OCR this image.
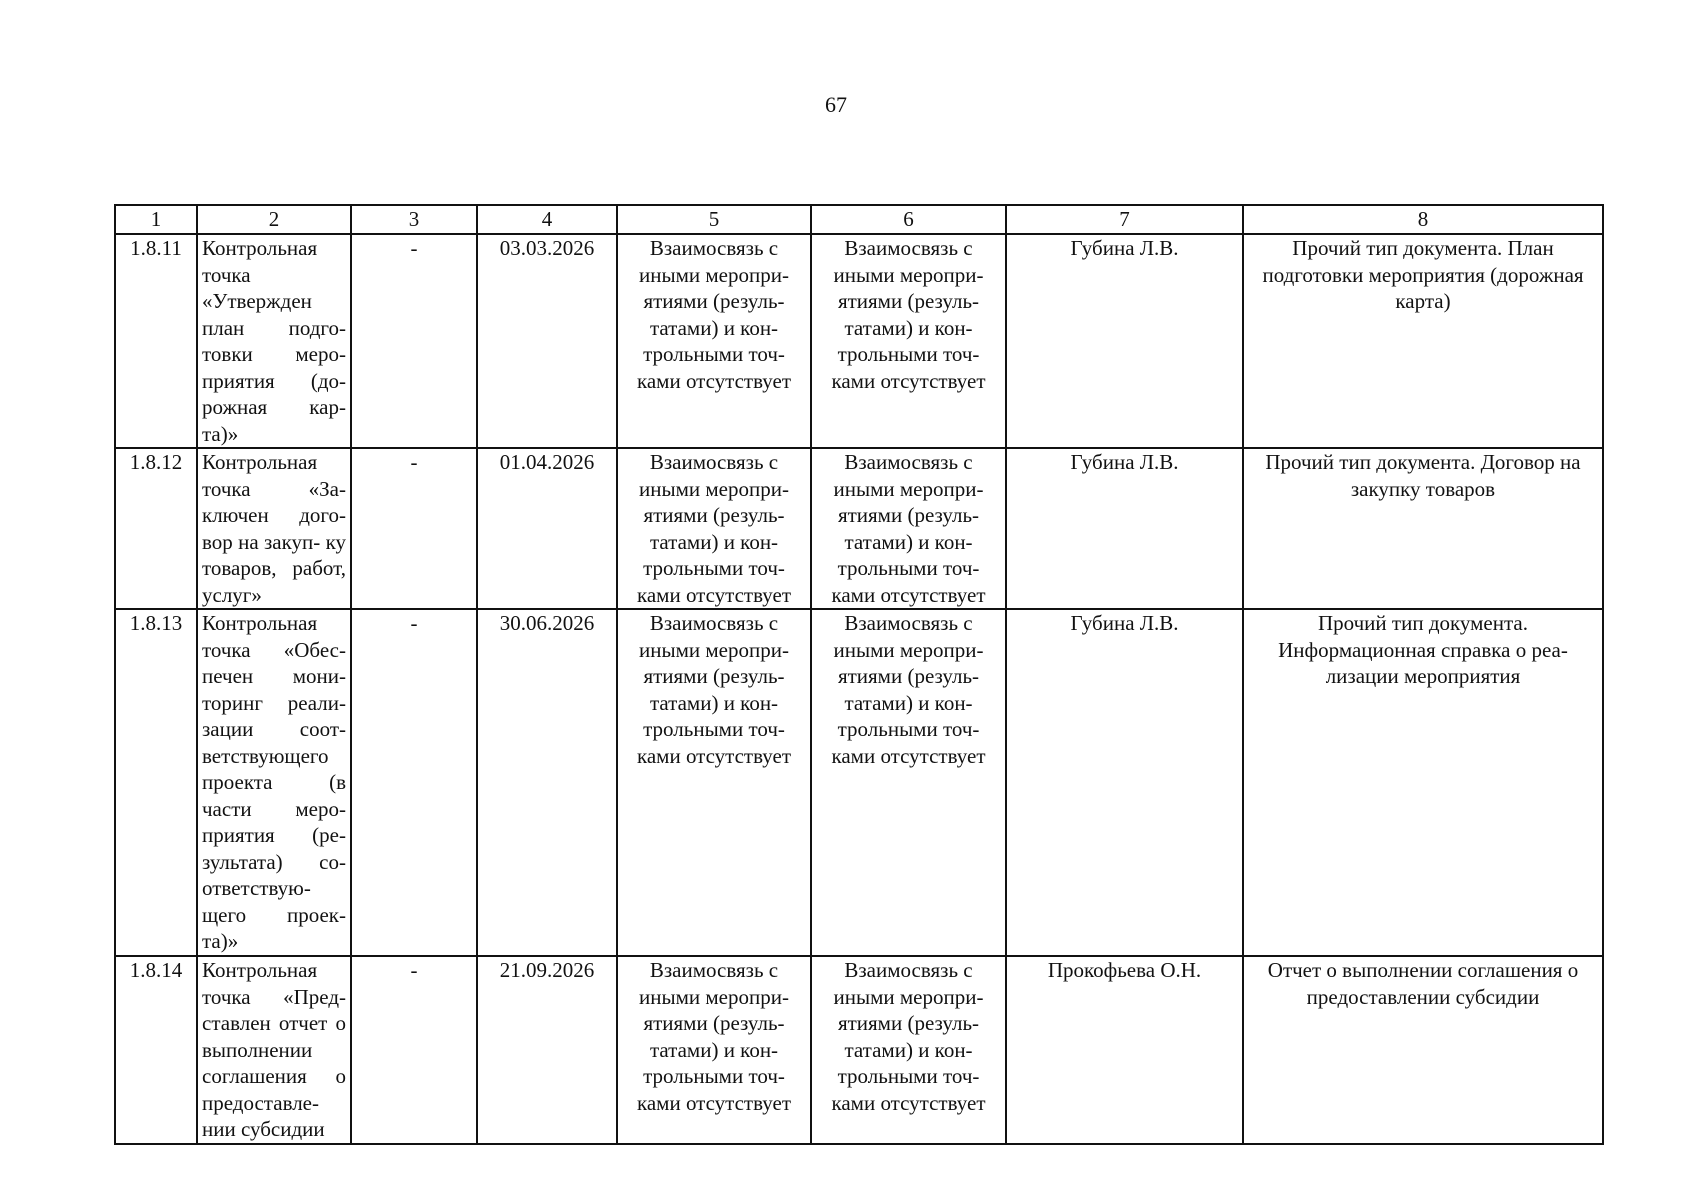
67
1	2	3	4	5	6	7	8
1.8.11	Контрольная точка «Утвержден план подго- товки меро- приятия (до- рожная кар- та)»	-	03.03.2026	Взаимосвязь с иными меропри- ятиями (резуль- татами) и кон- трольными точ- ками отсутствует	Взаимосвязь с иными меропри- ятиями (резуль- татами) и кон- трольными точ- ками отсутствует	Губина Л.В.	Прочий тип документа. План подготовки мероприятия (дорожная карта)
1.8.12	Контрольная точка «За- ключен дого- вор на закуп- ку товаров, работ, услуг»	-	01.04.2026	Взаимосвязь с иными меропри- ятиями (резуль- татами) и кон- трольными точ- ками отсутствует	Взаимосвязь с иными меропри- ятиями (резуль- татами) и кон- трольными точ- ками отсутствует	Губина Л.В.	Прочий тип документа. Договор на закупку товаров
1.8.13	Контрольная точка «Обес- печен мони- торинг реали- зации соот- ветствующего проекта (в части меро- приятия (ре- зультата) со- ответствую- щего проек- та)»	-	30.06.2026	Взаимосвязь с иными меропри- ятиями (резуль- татами) и кон- трольными точ- ками отсутствует	Взаимосвязь с иными меропри- ятиями (резуль- татами) и кон- трольными точ- ками отсутствует	Губина Л.В.	Прочий тип документа. Информационная справка о реа- лизации мероприятия
1.8.14	Контрольная точка «Пред- ставлен отчет о выполнении соглашения о предоставле- нии субсидии	-	21.09.2026	Взаимосвязь с иными меропри- ятиями (резуль- татами) и кон- трольными точ- ками отсутствует	Взаимосвязь с иными меропри- ятиями (резуль- татами) и кон- трольными точ- ками отсутствует	Прокофьева О.Н.	Отчет о выполнении соглашения о предоставлении субсидии
